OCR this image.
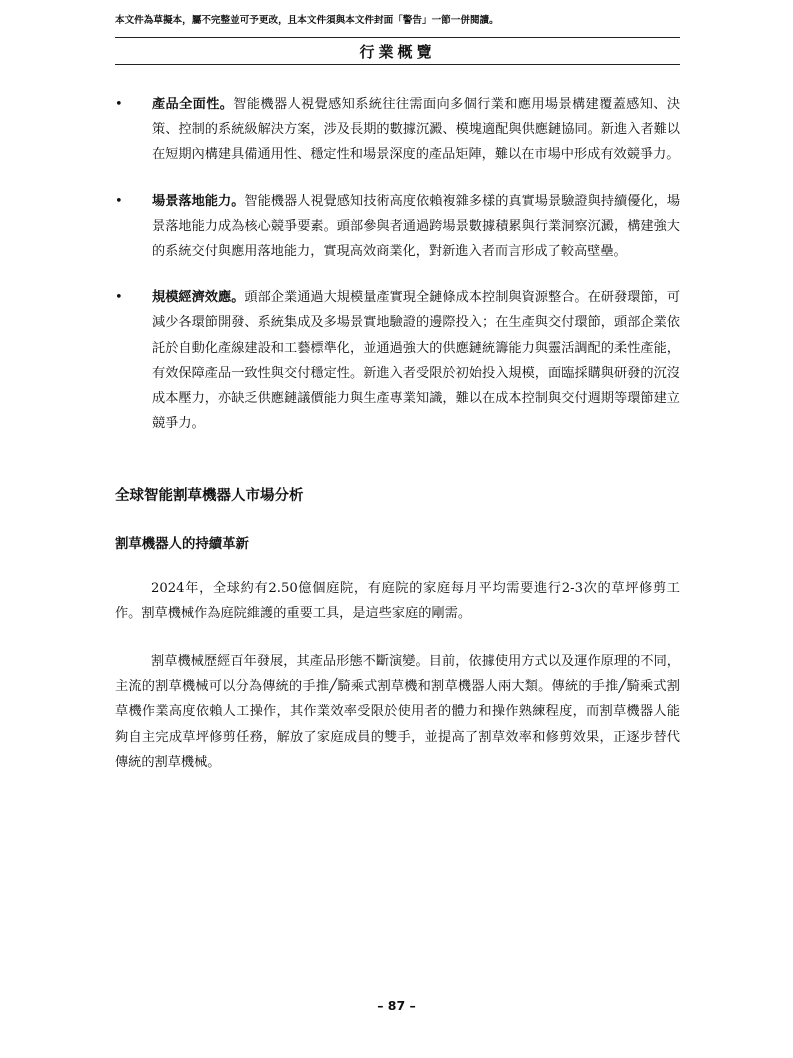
本文件為草擬本，屬不完整並可予更改，且本文件須與本文件封面「警告」一節一併閱讀。
行業概覽
• 產品全面性。智能機器人視覺感知系統往往需面向多個行業和應用場景構建覆蓋感知、決策、控制的系統級解決方案，涉及長期的數據沉澱、模塊適配與供應鏈協同。新進入者難以在短期內構建具備通用性、穩定性和場景深度的產品矩陣，難以在市場中形成有效競爭力。
• 場景落地能力。智能機器人視覺感知技術高度依賴複雜多樣的真實場景驗證與持續優化，場景落地能力成為核心競爭要素。頭部參與者通過跨場景數據積累與行業洞察沉澱，構建強大的系統交付與應用落地能力，實現高效商業化，對新進入者而言形成了較高壁壘。
• 規模經濟效應。頭部企業通過大規模量產實現全鏈條成本控制與資源整合。在研發環節，可減少各環節開發、系統集成及多場景實地驗證的邊際投入；在生產與交付環節，頭部企業依託於自動化產線建設和工藝標準化，並通過強大的供應鏈統籌能力與靈活調配的柔性產能，有效保障產品一致性與交付穩定性。新進入者受限於初始投入規模，面臨採購與研發的沉沒成本壓力，亦缺乏供應鏈議價能力與生產專業知識，難以在成本控制與交付週期等環節建立競爭力。
全球智能割草機器人市場分析
割草機器人的持續革新

2024年，全球約有2.50億個庭院，有庭院的家庭每月平均需要進行2-3次的草坪修剪工作。割草機械作為庭院維護的重要工具，是這些家庭的剛需。

割草機械歷經百年發展，其產品形態不斷演變。目前，依據使用方式以及運作原理的不同，主流的割草機械可以分為傳統的手推╱騎乘式割草機和割草機器人兩大類。傳統的手推╱騎乘式割草機作業高度依賴人工操作，其作業效率受限於使用者的體力和操作熟練程度，而割草機器人能夠自主完成草坪修剪任務，解放了家庭成員的雙手，並提高了割草效率和修剪效果，正逐步替代傳統的割草機械。

– 87 –
